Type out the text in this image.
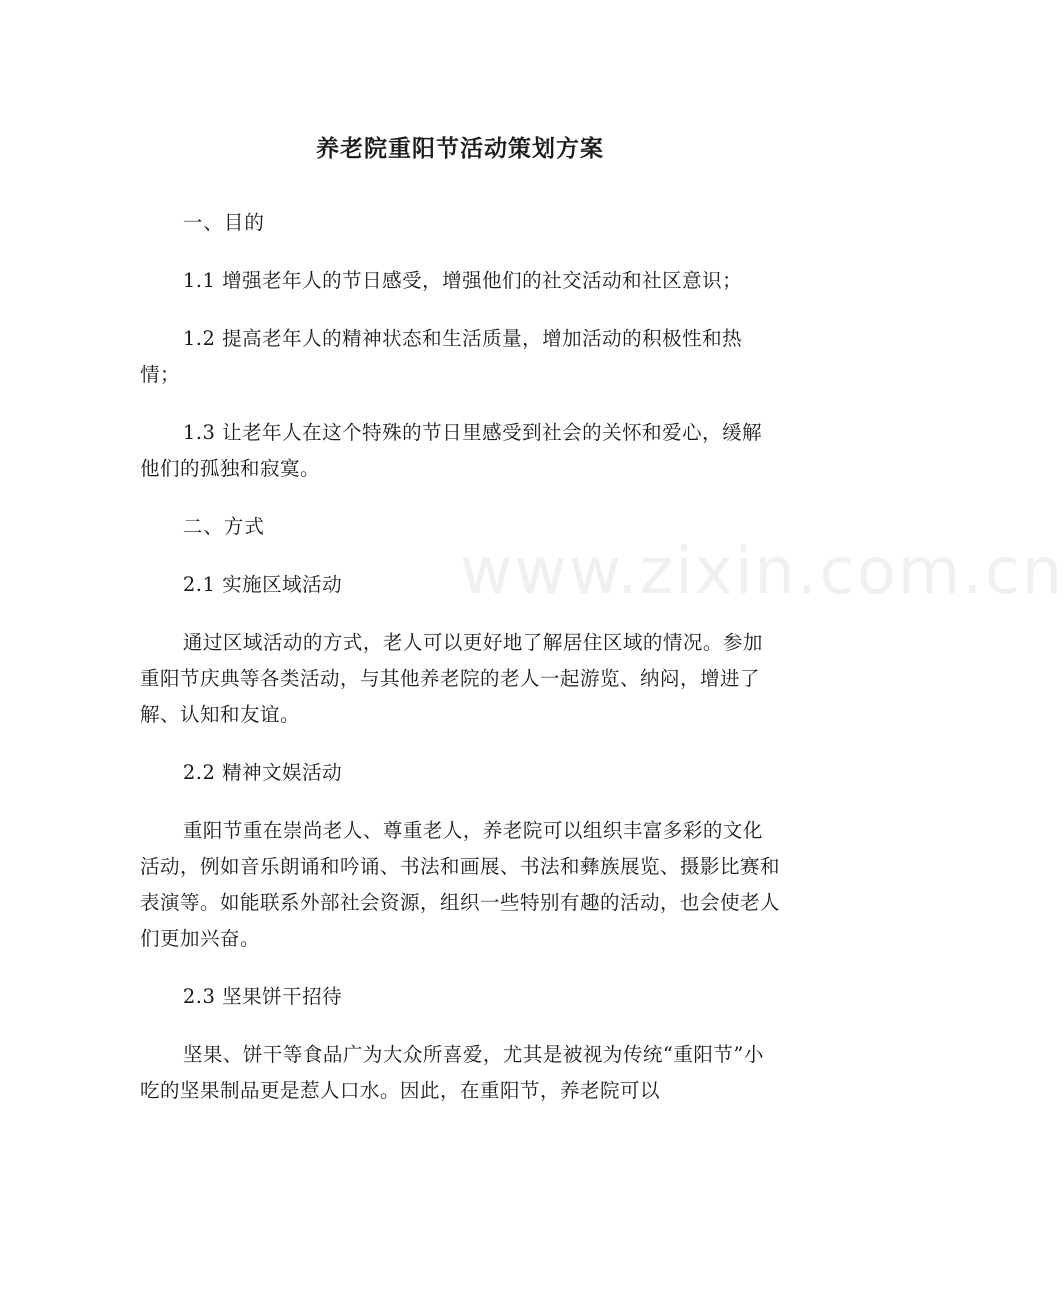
www.zixin.com.cn
养老院重阳节活动策划方案

一、目的

1.1 增强老年人的节日感受，增强他们的社交活动和社区意识；

1.2 提高老年人的精神状态和生活质量，增加活动的积极性和热情；

1.3 让老年人在这个特殊的节日里感受到社会的关怀和爱心，缓解他们的孤独和寂寞。

二、方式

2.1 实施区域活动

通过区域活动的方式，老人可以更好地了解居住区域的情况。参加重阳节庆典等各类活动，与其他养老院的老人一起游览、纳闷，增进了解、认知和友谊。

2.2 精神文娱活动

重阳节重在崇尚老人、尊重老人，养老院可以组织丰富多彩的文化活动，例如音乐朗诵和吟诵、书法和画展、书法和彝族展览、摄影比赛和表演等。如能联系外部社会资源，组织一些特别有趣的活动，也会使老人们更加兴奋。

2.3 坚果饼干招待

坚果、饼干等食品广为大众所喜爱，尤其是被视为传统“重阳节”小吃的坚果制品更是惹人口水。因此，在重阳节，养老院可以
